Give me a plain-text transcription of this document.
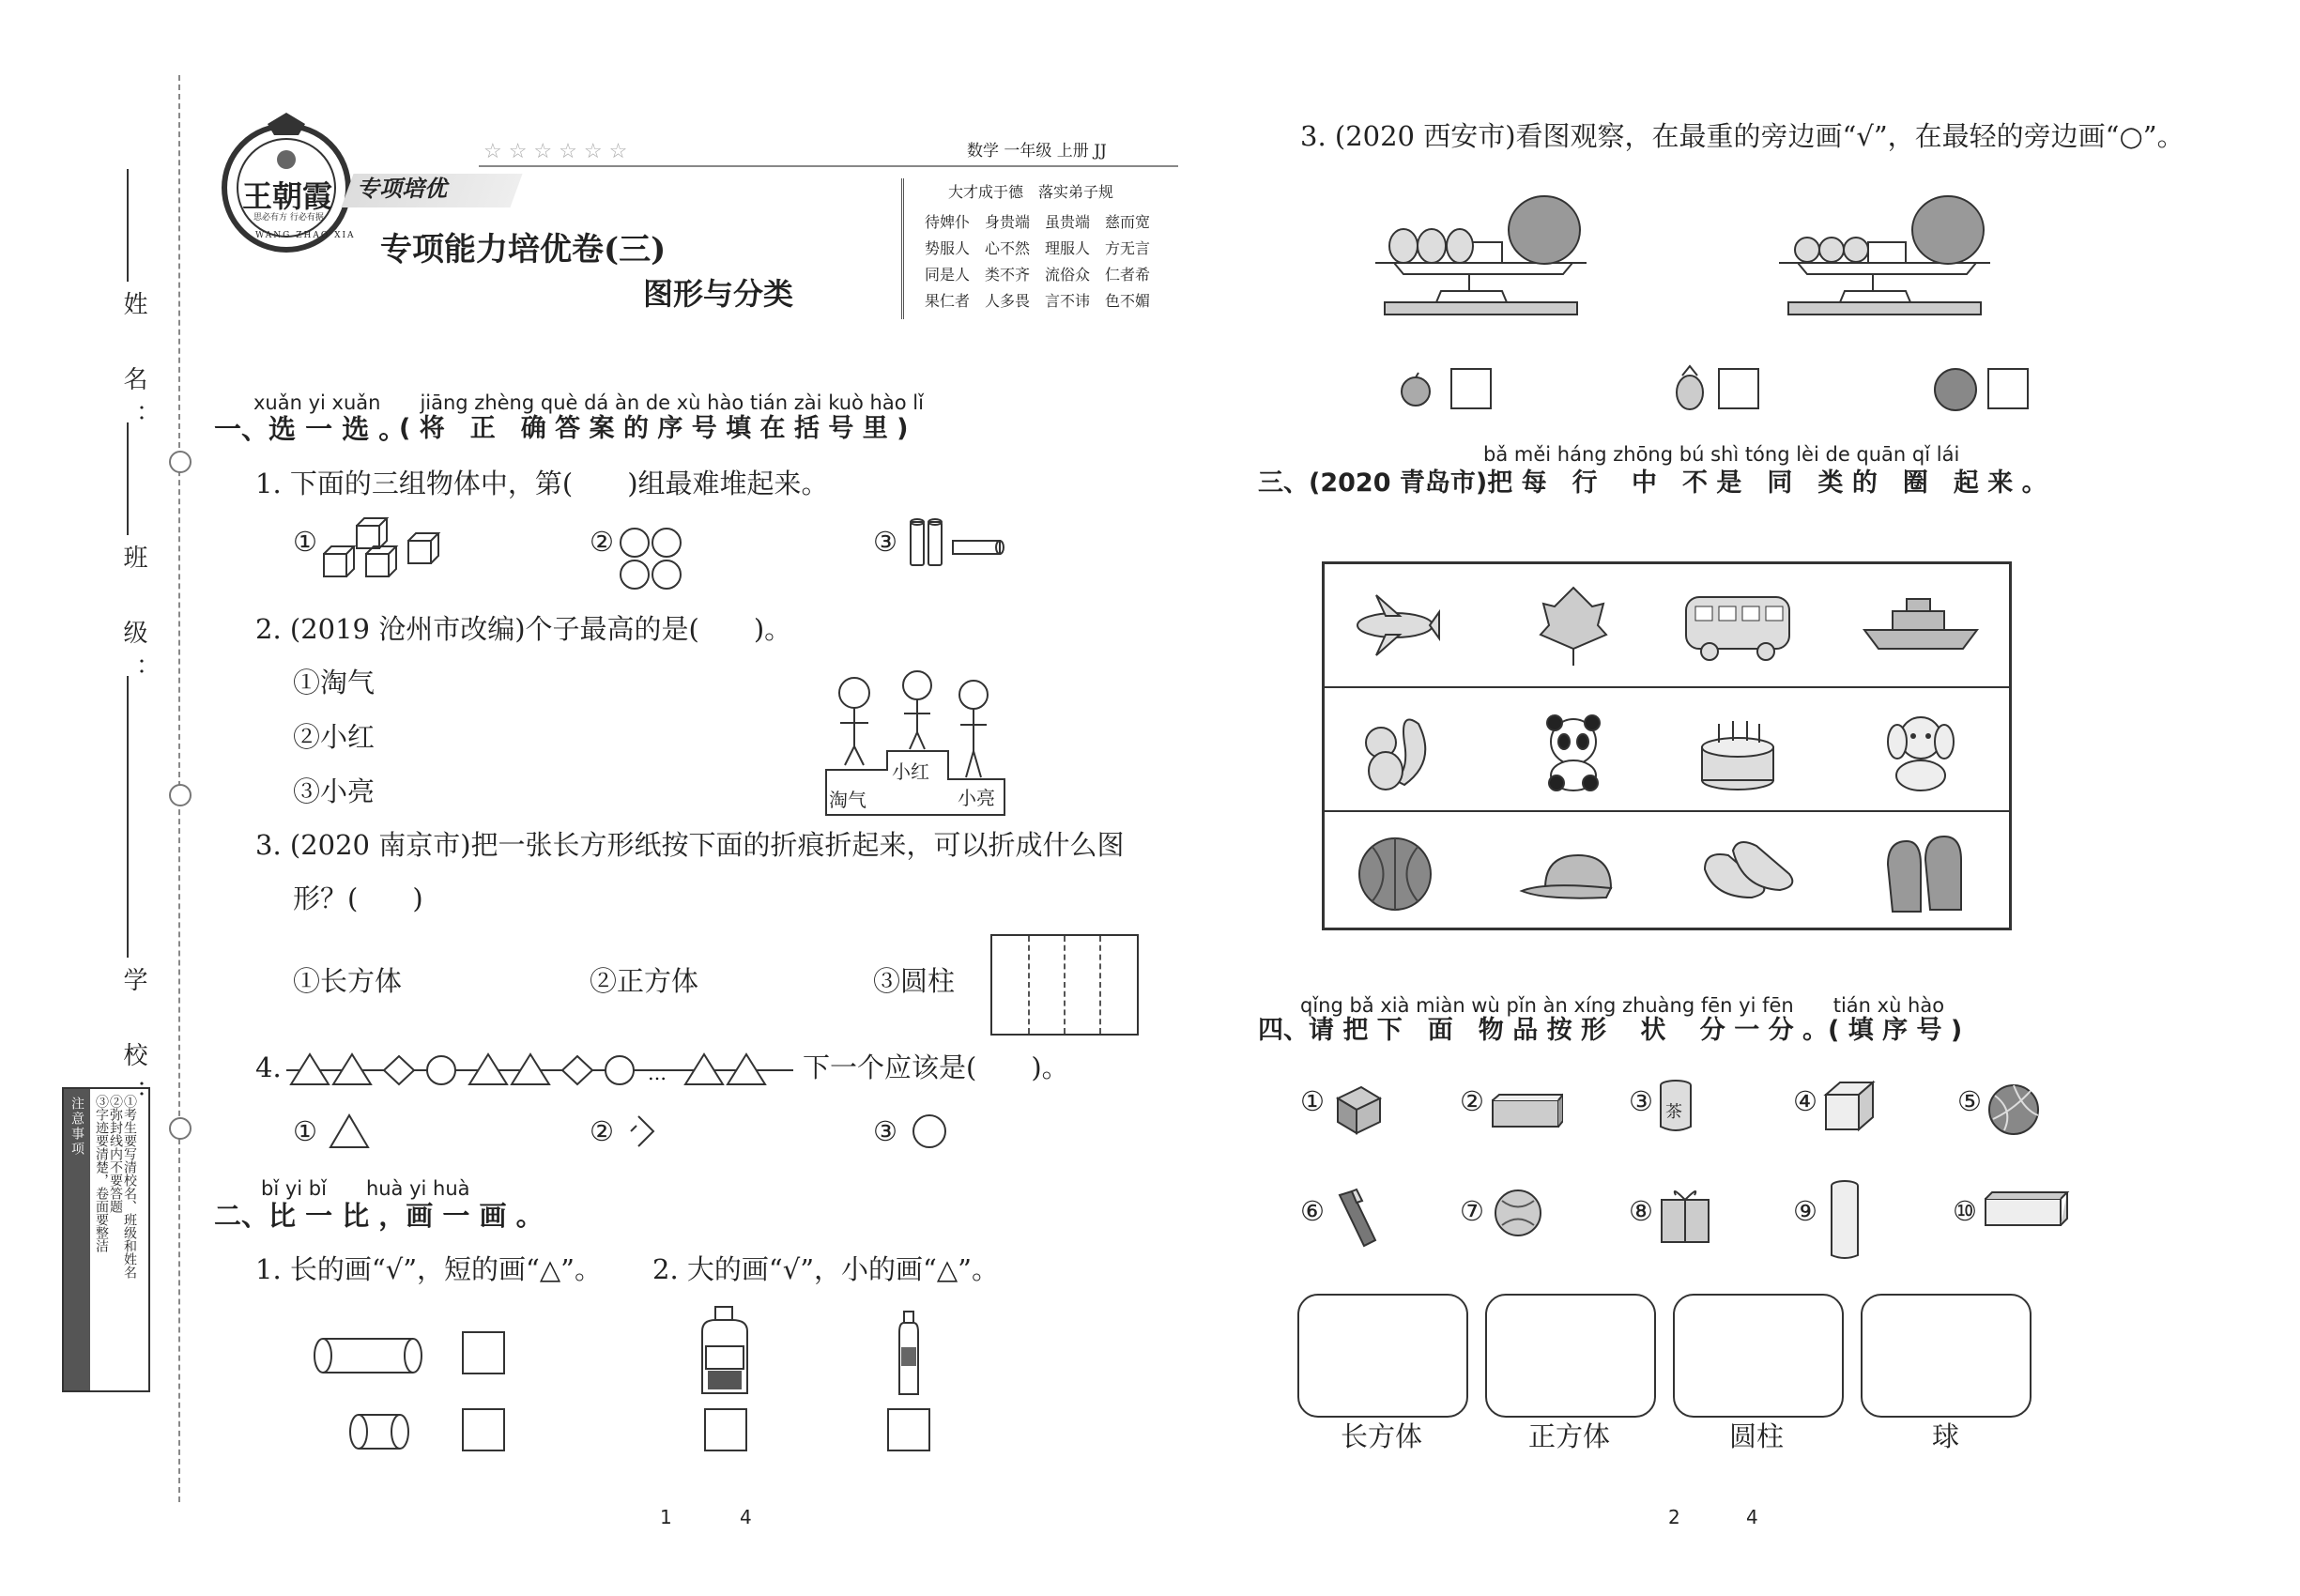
姓　名：
班　级：
学　校：
注意事项	①考生要写清校名、班级和姓名
②弥封线内不要答题
③字迹要清楚，卷面要整洁
王朝霞
思必有方 行必有据
WANG ZHAO XIA
专项培优
☆ ☆ ☆ ☆ ☆ ☆	数学 一年级 上册 JJ
专项能力培优卷(三)
图形与分类
大才成于德　落实弟子规
待婢仆　身贵端　虽贵端　慈而宽
势服人　心不然　理服人　方无言
同是人　类不齐　流俗众　仁者希
果仁者　人多畏　言不讳　色不媚
xuǎn yi xuǎn　　jiāng zhèng què dá àn de xù hào tián zài kuò hào lǐ
一、选 一 选 。
( 将　正　确 答 案 的 序 号 填 在 括 号 里 )
1. 下面的三组物体中，第(　　)组最难堆起来。
①	②	③
2. (2019 沧州市改编)个子最高的是(　　)。
①淘气
②小红
③小亮	淘气
小红
小亮
3. (2020 南京市)把一张长方形纸按下面的折痕折起来，可以折成什么图
形？(　　)
①长方体	②正方体	③圆柱
4.	…	下一个应该是(　　)。
①	②	③
bǐ yi bǐ　　huà yi huà
二、比 一 比 ，画 一 画 。
1. 长的画“√”，短的画“△”。 2. 大的画“√”，小的画“△”。
1	4
3. (2020 西安市)看图观察，在最重的旁边画“√”，在最轻的旁边画“○”。
bǎ měi háng zhōng bú shì tóng lèi de quān qǐ lái
三、(2020 青岛市)把 每　行　 中　不 是　同　类 的　圈　起 来 。
qǐng bǎ xià miàn wù pǐn àn xíng zhuàng fēn yi fēn　　tián xù hào
四、请 把 下　面　物 品 按 形　 状　 分 一 分 。( 填 序 号 )
①	②	③ 茶	④	⑤
⑥	⑦	⑧	⑨	⑩
长方体	正方体	圆柱	球
2	4
